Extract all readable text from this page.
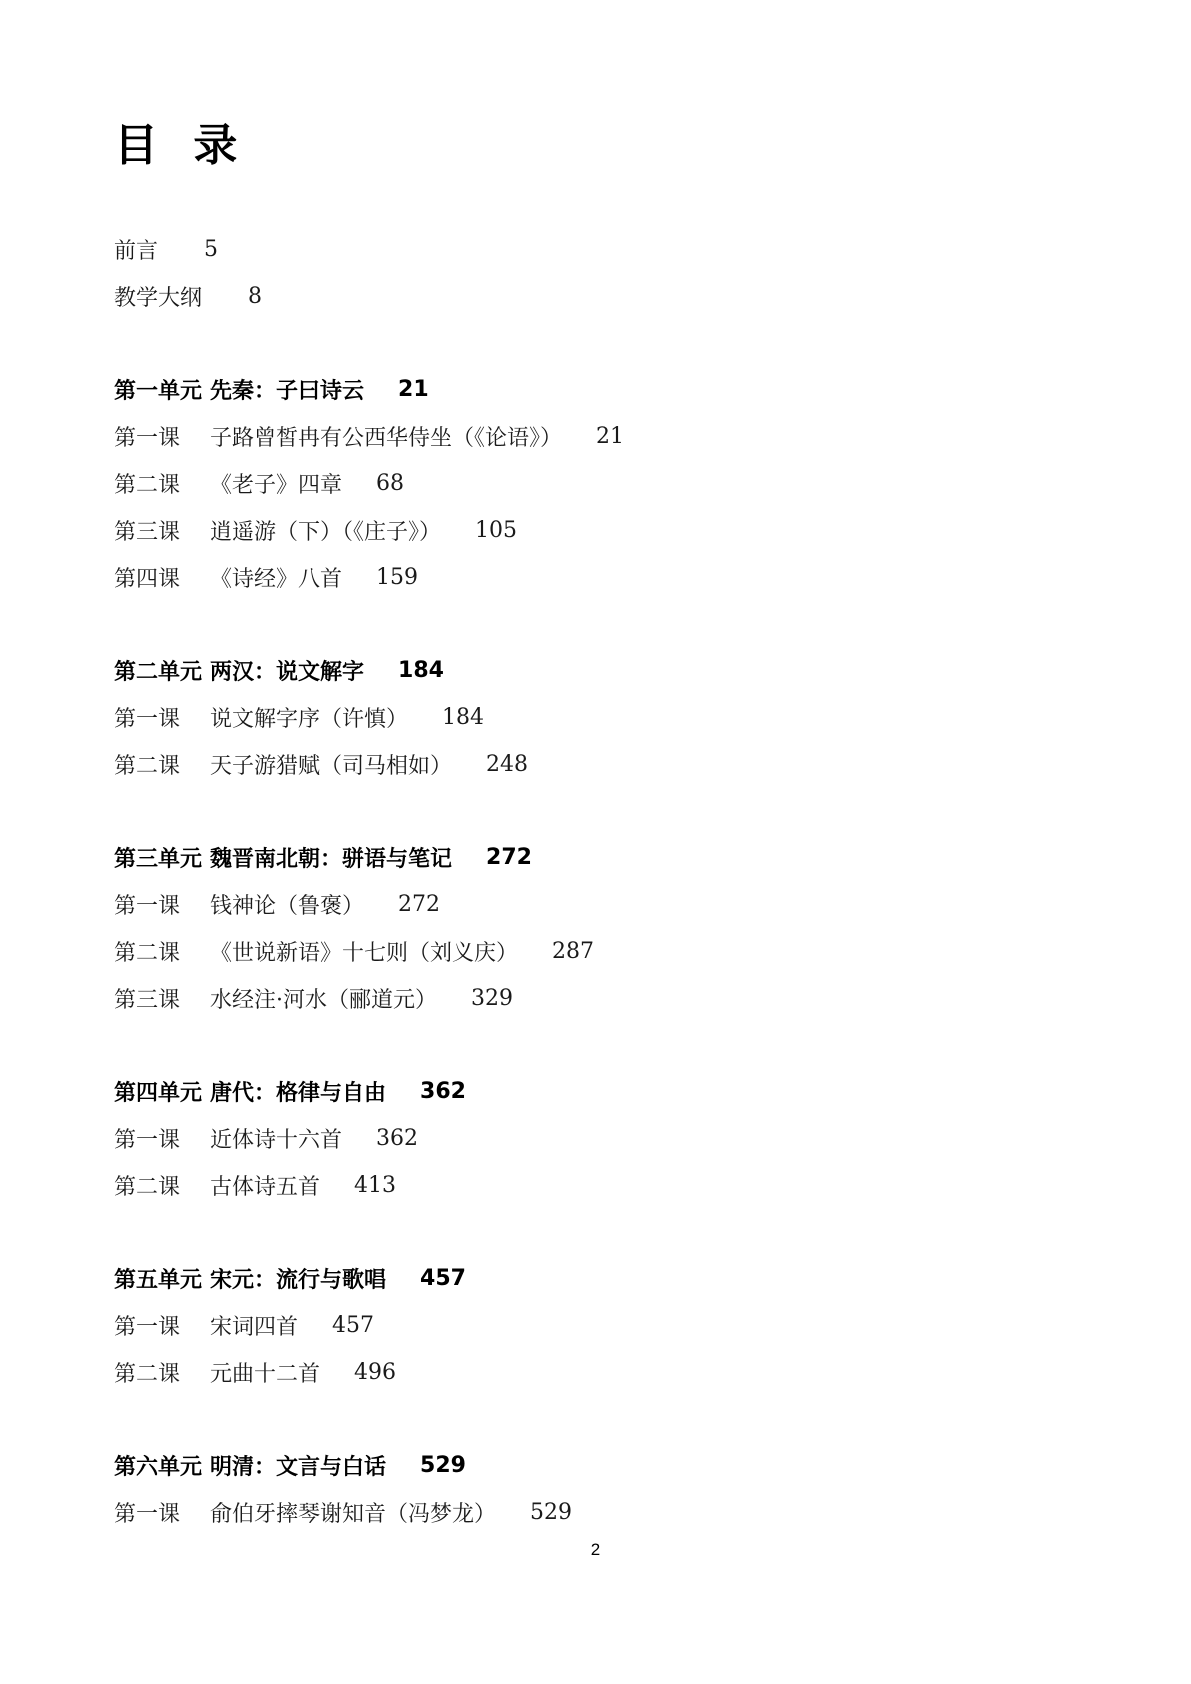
目 录
前言 5
教学大纲 8
第一单元 先秦：子曰诗云 21
第一课	子路曾皙冉有公西华侍坐（《论语》） 21
第二课	《老子》四章 68
第三课	逍遥游（下）（《庄子》） 105
第四课	《诗经》八首 159
第二单元 两汉：说文解字 184
第一课	说文解字序（许慎） 184
第二课	天子游猎赋（司马相如） 248
第三单元 魏晋南北朝：骈语与笔记 272
第一课	钱神论（鲁褒） 272
第二课	《世说新语》十七则（刘义庆） 287
第三课	水经注·河水（郦道元） 329
第四单元 唐代：格律与自由 362
第一课	近体诗十六首 362
第二课	古体诗五首 413
第五单元 宋元：流行与歌唱 457
第一课	宋词四首 457
第二课	元曲十二首 496
第六单元 明清：文言与白话 529
第一课	俞伯牙摔琴谢知音（冯梦龙） 529
2
